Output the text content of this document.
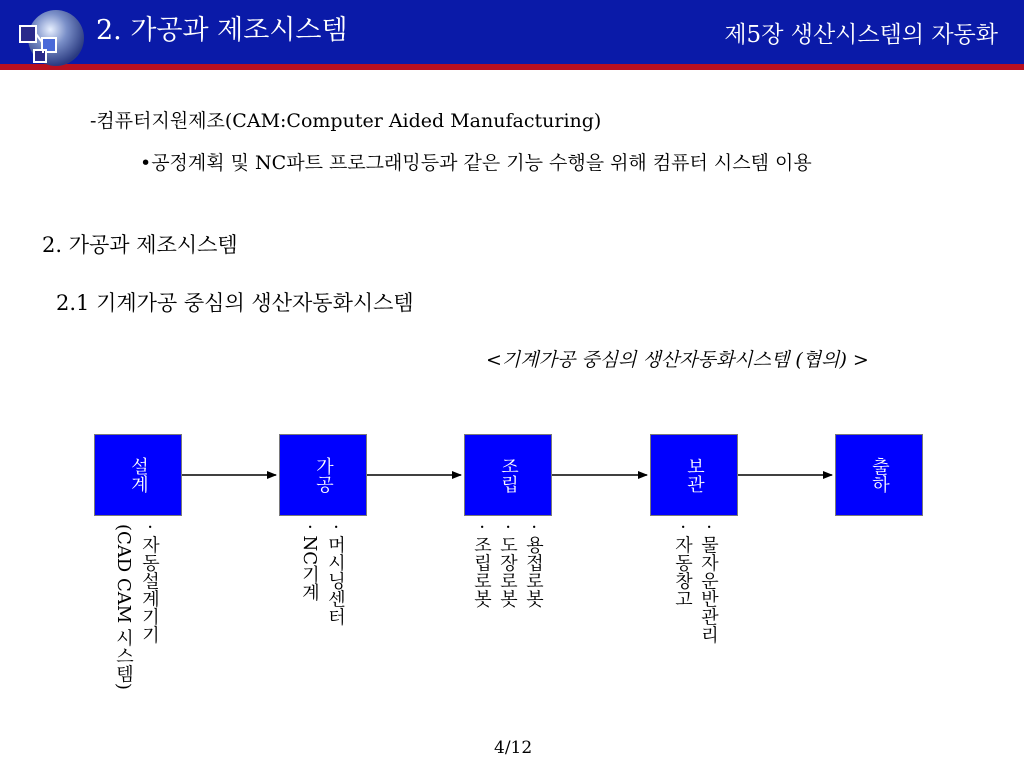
2. 가공과 제조시스템	제5장 생산시스템의 자동화
-컴퓨터지원제조(CAM:Computer Aided Manufacturing)
•공정계획 및 NC파트 프로그래밍등과 같은 기능 수행을 위해 컴퓨터 시스템 이용
2. 가공과 제조시스템
2.1 기계가공 중심의 생산자동화시스템
<기계가공 중심의 생산자동화시스템 (협의) >
설계	가공	조립	보관	출하
· 자동설계기기
(CAD CAM 시스템)	· 머시닝센터
· NC기계	· 용접로봇
· 도장로봇
· 조립로봇	· 물자운반관리
· 자동창고
4/12
